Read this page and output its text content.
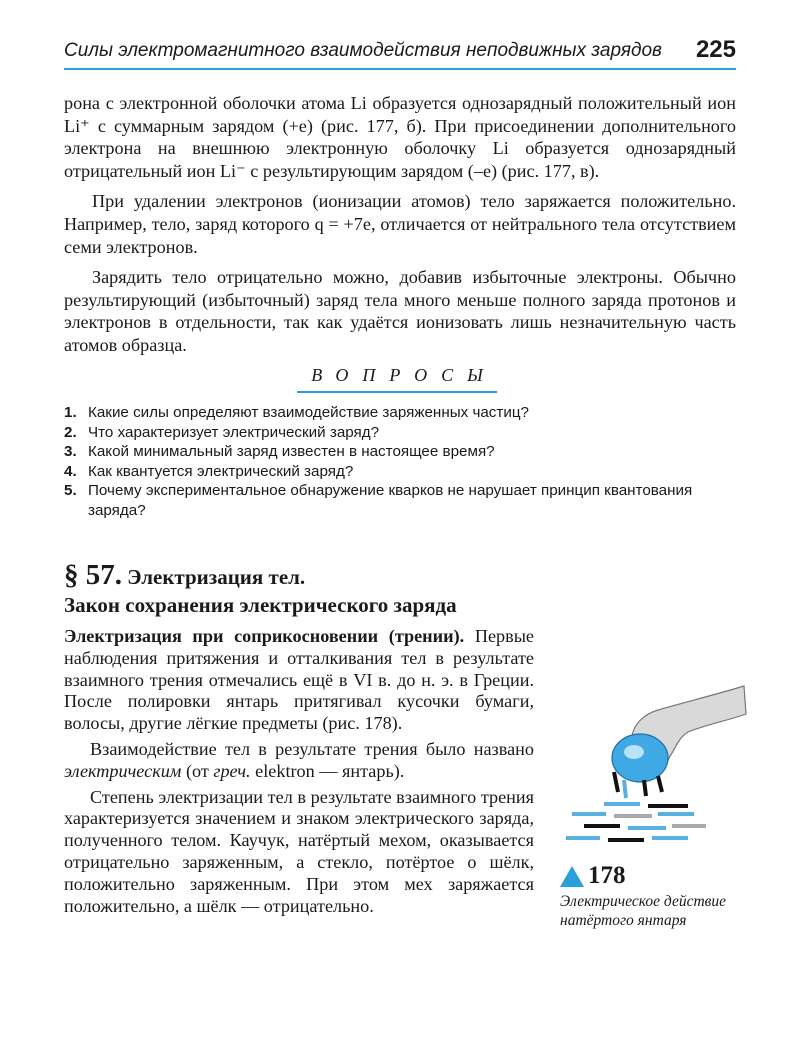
Силы электромагнитного взаимодействия неподвижных зарядов 225

рона с электронной оболочки атома Li образуется однозарядный положительный ион Li⁺ с суммарным зарядом (+e) (рис. 177, б). При присоединении дополнительного электрона на внешнюю электронную оболочку Li образуется однозарядный отрицательный ион Li⁻ с результирующим зарядом (–e) (рис. 177, в).

При удалении электронов (ионизации атомов) тело заряжается положительно. Например, тело, заряд которого q = +7e, отличается от нейтрального тела отсутствием семи электронов.

Зарядить тело отрицательно можно, добавив избыточные электроны. Обычно результирующий (избыточный) заряд тела много меньше полного заряда протонов и электронов в отдельности, так как удаётся ионизовать лишь незначительную часть атомов образца.

ВОПРОСЫ
1. Какие силы определяют взаимодействие заряженных частиц?
2. Что характеризует электрический заряд?
3. Какой минимальный заряд известен в настоящее время?
4. Как квантуется электрический заряд?
5. Почему экспериментальное обнаружение кварков не нарушает принцип квантования заряда?
§ 57. Электризация тел.
Закон сохранения электрического заряда

Электризация при соприкосновении (трении). Первые наблюдения притяжения и отталкивания тел в результате взаимного трения отмечались ещё в VI в. до н. э. в Греции. После полировки янтарь притягивал кусочки бумаги, волосы, другие лёгкие предметы (рис. 178).

Взаимодействие тел в результате трения было названо электрическим (от греч. elektron — янтарь).

Степень электризации тел в результате взаимного трения характеризуется значением и знаком электрического заряда, полученного телом. Каучук, натёртый мехом, оказывается отрицательно заряженным, а стекло, потёртое о шёлк, положительно заряженным. При этом мех заряжается положительно, а шёлк — отрицательно.

178
Электрическое действие натёртого янтаря
